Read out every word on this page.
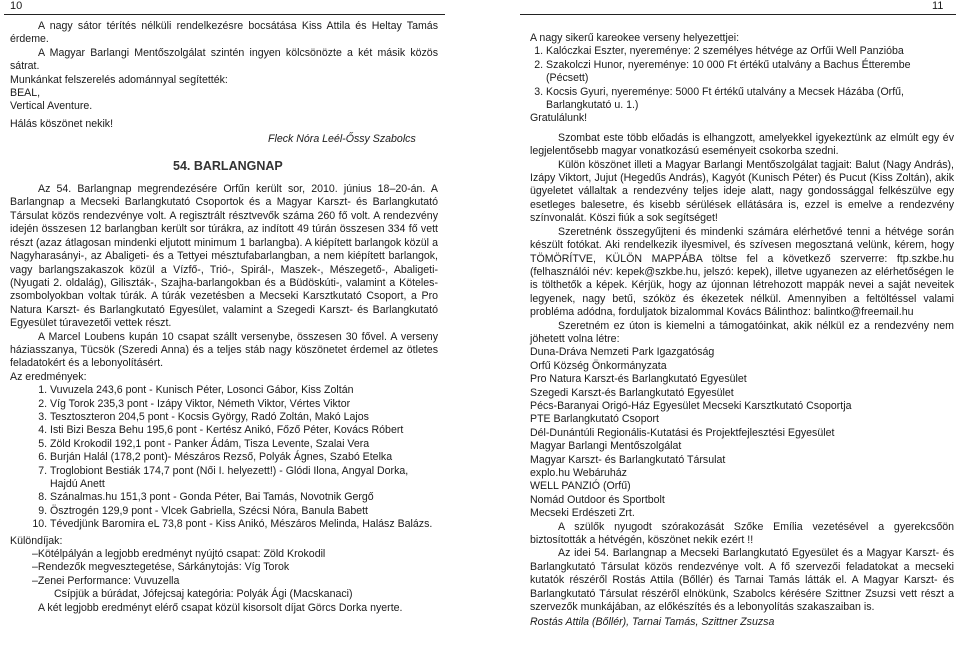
10	11

A nagy sátor térítés nélküli rendelkezésre bocsátása Kiss Attila és Heltay Tamás érdeme.

A Magyar Barlangi Mentőszolgálat szintén ingyen kölcsönözte a két másik közös sátrat.

Munkánkat felszerelés adománnyal segítették:

BEAL,

Vertical Aventure.

Hálás köszönet nekik!

Fleck Nóra Leél-Őssy Szabolcs

54. BARLANGNAP

Az 54. Barlangnap megrendezésére Orfűn került sor, 2010. június 18–20-án. A Barlangnap a Mecseki Barlangkutató Csoportok és a Magyar Karszt- és Barlangkutató Társulat közös rendezvénye volt. A regisztrált résztvevők száma 260 fő volt. A rendezvény idején összesen 12 barlangban került sor túrákra, az indított 49 túrán összesen 334 fő vett részt (azaz átlagosan mindenki eljutott minimum 1 barlangba). A kiépített barlangok közül a Nagyharasányi-, az Abaligeti- és a Tettyei mésztufabarlangban, a nem kiépített barlangok, vagy barlangszakaszok közül a Vízfő-, Trió-, Spirál-, Maszek-, Mészegető-, Abaligeti- (Nyugati 2. oldalág), Giliszták-, Szajha-barlangokban és a Büdöskúti-, valamint a Köteles-zsombolyokban voltak túrák. A túrák vezetésben a Mecseki Karsztkutató Csoport, a Pro Natura Karszt- és Barlangkutató Egyesület, valamint a Szegedi Karszt- és Barlangkutató Egyesület túravezetői vettek részt.

A Marcel Loubens kupán 10 csapat szállt versenybe, összesen 30 fővel. A verseny háziasszanya, Tücsök (Szeredi Anna) és a teljes stáb nagy köszönetet érdemel az ötletes feladatokért és a lebonyolításért.

Az eredmények:

1. Vuvuzela 243,6 pont - Kunisch Péter, Losonci Gábor, Kiss Zoltán
2. Víg Torok 235,3 pont - Izápy Viktor, Németh Viktor, Vértes Viktor
3. Tesztoszteron 204,5 pont - Kocsis György, Radó Zoltán, Makó Lajos
4. Isti Bizi Besza Behu 195,6 pont - Kertész Anikó, Főző Péter, Kovács Róbert
5. Zöld Krokodil 192,1 pont - Panker Ádám, Tisza Levente, Szalai Vera
6. Burján Halál (178,2 pont)- Mészáros Rezső, Polyák Ágnes, Szabó Etelka
7. Troglobiont Bestiák 174,7 pont (Női I. helyezett!) - Glódi Ilona, Angyal Dorka, Hajdú Anett
8. Szánalmas.hu 151,3 pont - Gonda Péter, Bai Tamás, Novotnik Gergő
9. Ösztrogén 129,9 pont - Vlcek Gabriella, Szécsi Nóra, Banula Babett
10. Tévedjünk Baromira eL 73,8 pont - Kiss Anikó, Mészáros Melinda, Halász Balázs.

Különdíjak:

– Kötélpályán a legjobb eredményt nyújtó csapat: Zöld Krokodil
– Rendezők megvesztegetése, Sárkánytojás: Víg Torok
– Zenei Performance: Vuvuzella

Csípjük a búrádat, Jófejcsaj kategória: Polyák Ági (Macskanaci)

A két legjobb eredményt elérő csapat közül kisorsolt díjat Görcs Dorka nyerte.

A nagy sikerű kareokee verseny helyezettjei:

1. Kalóczkai Eszter, nyereménye: 2 személyes hétvége az Orfűi Well Panzióba
2. Szakolczi Hunor, nyereménye: 10 000 Ft értékű utalvány a Bachus Étterembe (Pécsett)
3. Kocsis Gyuri, nyereménye: 5000 Ft értékű utalvány a Mecsek Házába (Orfű, Barlangkutató u. 1.)

Gratulálunk!

Szombat este több előadás is elhangzott, amelyekkel igyekeztünk az elmúlt egy év legjelentősebb magyar vonatkozású eseményeit csokorba szedni.

Külön köszönet illeti a Magyar Barlangi Mentőszolgálat tagjait: Balut (Nagy András), Izápy Viktort, Jujut (Hegedűs András), Kagyót (Kunisch Péter) és Pucut (Kiss Zoltán), akik ügyeletet vállaltak a rendezvény teljes ideje alatt, nagy gondossággal felkészülve egy esetleges balesetre, és kisebb sérülések ellátására is, ezzel is emelve a rendezvény színvonalát. Köszi fiúk a sok segítséget!

Szeretnénk összegyűjteni és mindenki számára elérhetővé tenni a hétvége során készült fotókat. Aki rendelkezik ilyesmivel, és szívesen megosztaná velünk, kérem, hogy TÖMÖRÍTVE, KÜLÖN MAPPÁBA töltse fel a következő szerverre: ftp.szkbe.hu (felhasználói név: kepek@szkbe.hu, jelszó: kepek), illetve ugyanezen az elérhetőségen le is tölthetők a képek. Kérjük, hogy az újonnan létrehozott mappák nevei a saját neveitek legyenek, nagy betű, szóköz és ékezetek nélkül. Amennyiben a feltöltéssel valami probléma adódna, forduljatok bizalommal Kovács Bálinthoz: balintko@freemail.hu

Szeretném ez úton is kiemelni a támogatóinkat, akik nélkül ez a rendezvény nem jöhetett volna létre:

Duna-Dráva Nemzeti Park Igazgatóság

Orfű Község Önkormányzata

Pro Natura Karszt-és Barlangkutató Egyesület

Szegedi Karszt-és Barlangkutató Egyesület

Pécs-Baranyai Origó-Ház Egyesület Mecseki Karsztkutató Csoportja

PTE Barlangkutató Csoport

Dél-Dunántúli Regionális-Kutatási és Projektfejlesztési Egyesület

Magyar Barlangi Mentőszolgálat

Magyar Karszt- és Barlangkutató Társulat

explo.hu Webáruház

WELL PANZIÓ (Orfű)

Nomád Outdoor és Sportbolt

Mecseki Erdészeti Zrt.

A szülők nyugodt szórakozását Szőke Emília vezetésével a gyerekcsőön biztosították a hétvégén, köszönet nekik ezért !!

Az idei 54. Barlangnap a Mecseki Barlangkutató Egyesület és a Magyar Karszt- és Barlangkutató Társulat közös rendezvénye volt. A fő szervezői feladatokat a mecseki kutatók részéről Rostás Attila (Bőllér) és Tarnai Tamás látták el. A Magyar Karszt- és Barlangkutató Társulat részéről elnökünk, Szabolcs kérésére Szittner Zsuzsi vett részt a szervezők munkájában, az előkészítés és a lebonyolítás szakaszaiban is.

Rostás Attila (Bőllér), Tarnai Tamás, Szittner Zsuzsa
